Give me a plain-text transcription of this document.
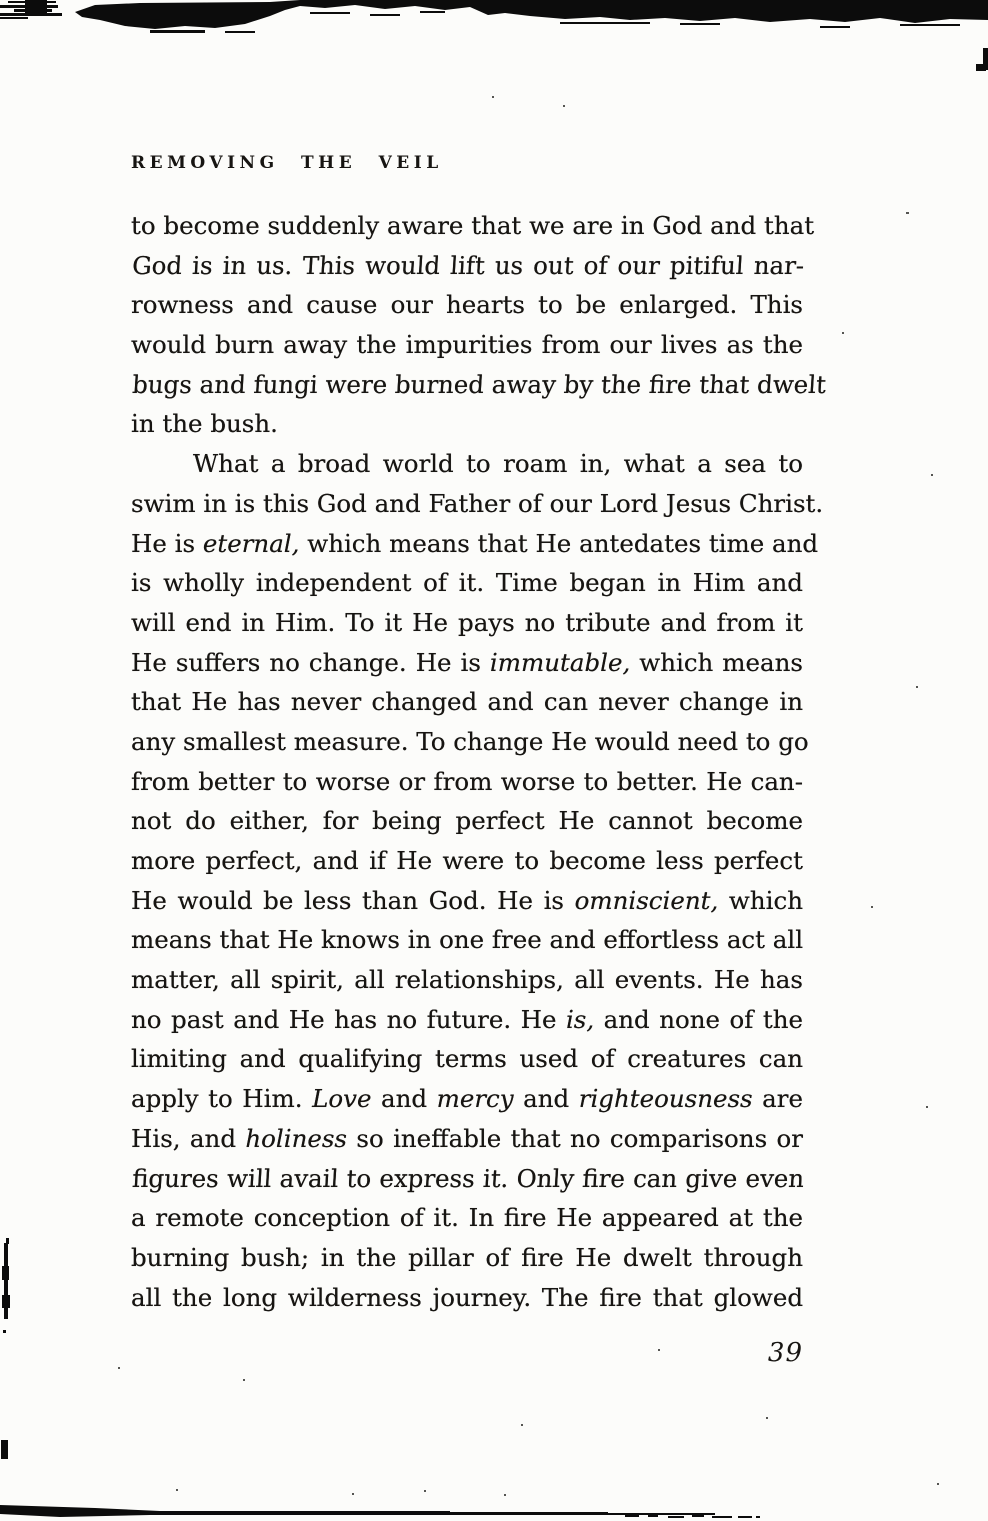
REMOVING THE VEIL
to become suddenly aware that we are in God and that
God is in us. This would lift us out of our pitiful nar-
rowness and cause our hearts to be enlarged. This
would burn away the impurities from our lives as the
bugs and fungi were burned away by the fire that dwelt
in the bush.
What a broad world to roam in, what a sea to
swim in is this God and Father of our Lord Jesus Christ.
He is eternal, which means that He antedates time and
is wholly independent of it. Time began in Him and
will end in Him. To it He pays no tribute and from it
He suffers no change. He is immutable, which means
that He has never changed and can never change in
any smallest measure. To change He would need to go
from better to worse or from worse to better. He can-
not do either, for being perfect He cannot become
more perfect, and if He were to become less perfect
He would be less than God. He is omniscient, which
means that He knows in one free and effortless act all
matter, all spirit, all relationships, all events. He has
no past and He has no future. He is, and none of the
limiting and qualifying terms used of creatures can
apply to Him. Love and mercy and righteousness are
His, and holiness so ineffable that no comparisons or
figures will avail to express it. Only fire can give even
a remote conception of it. In fire He appeared at the
burning bush; in the pillar of fire He dwelt through
all the long wilderness journey. The fire that glowed
39
